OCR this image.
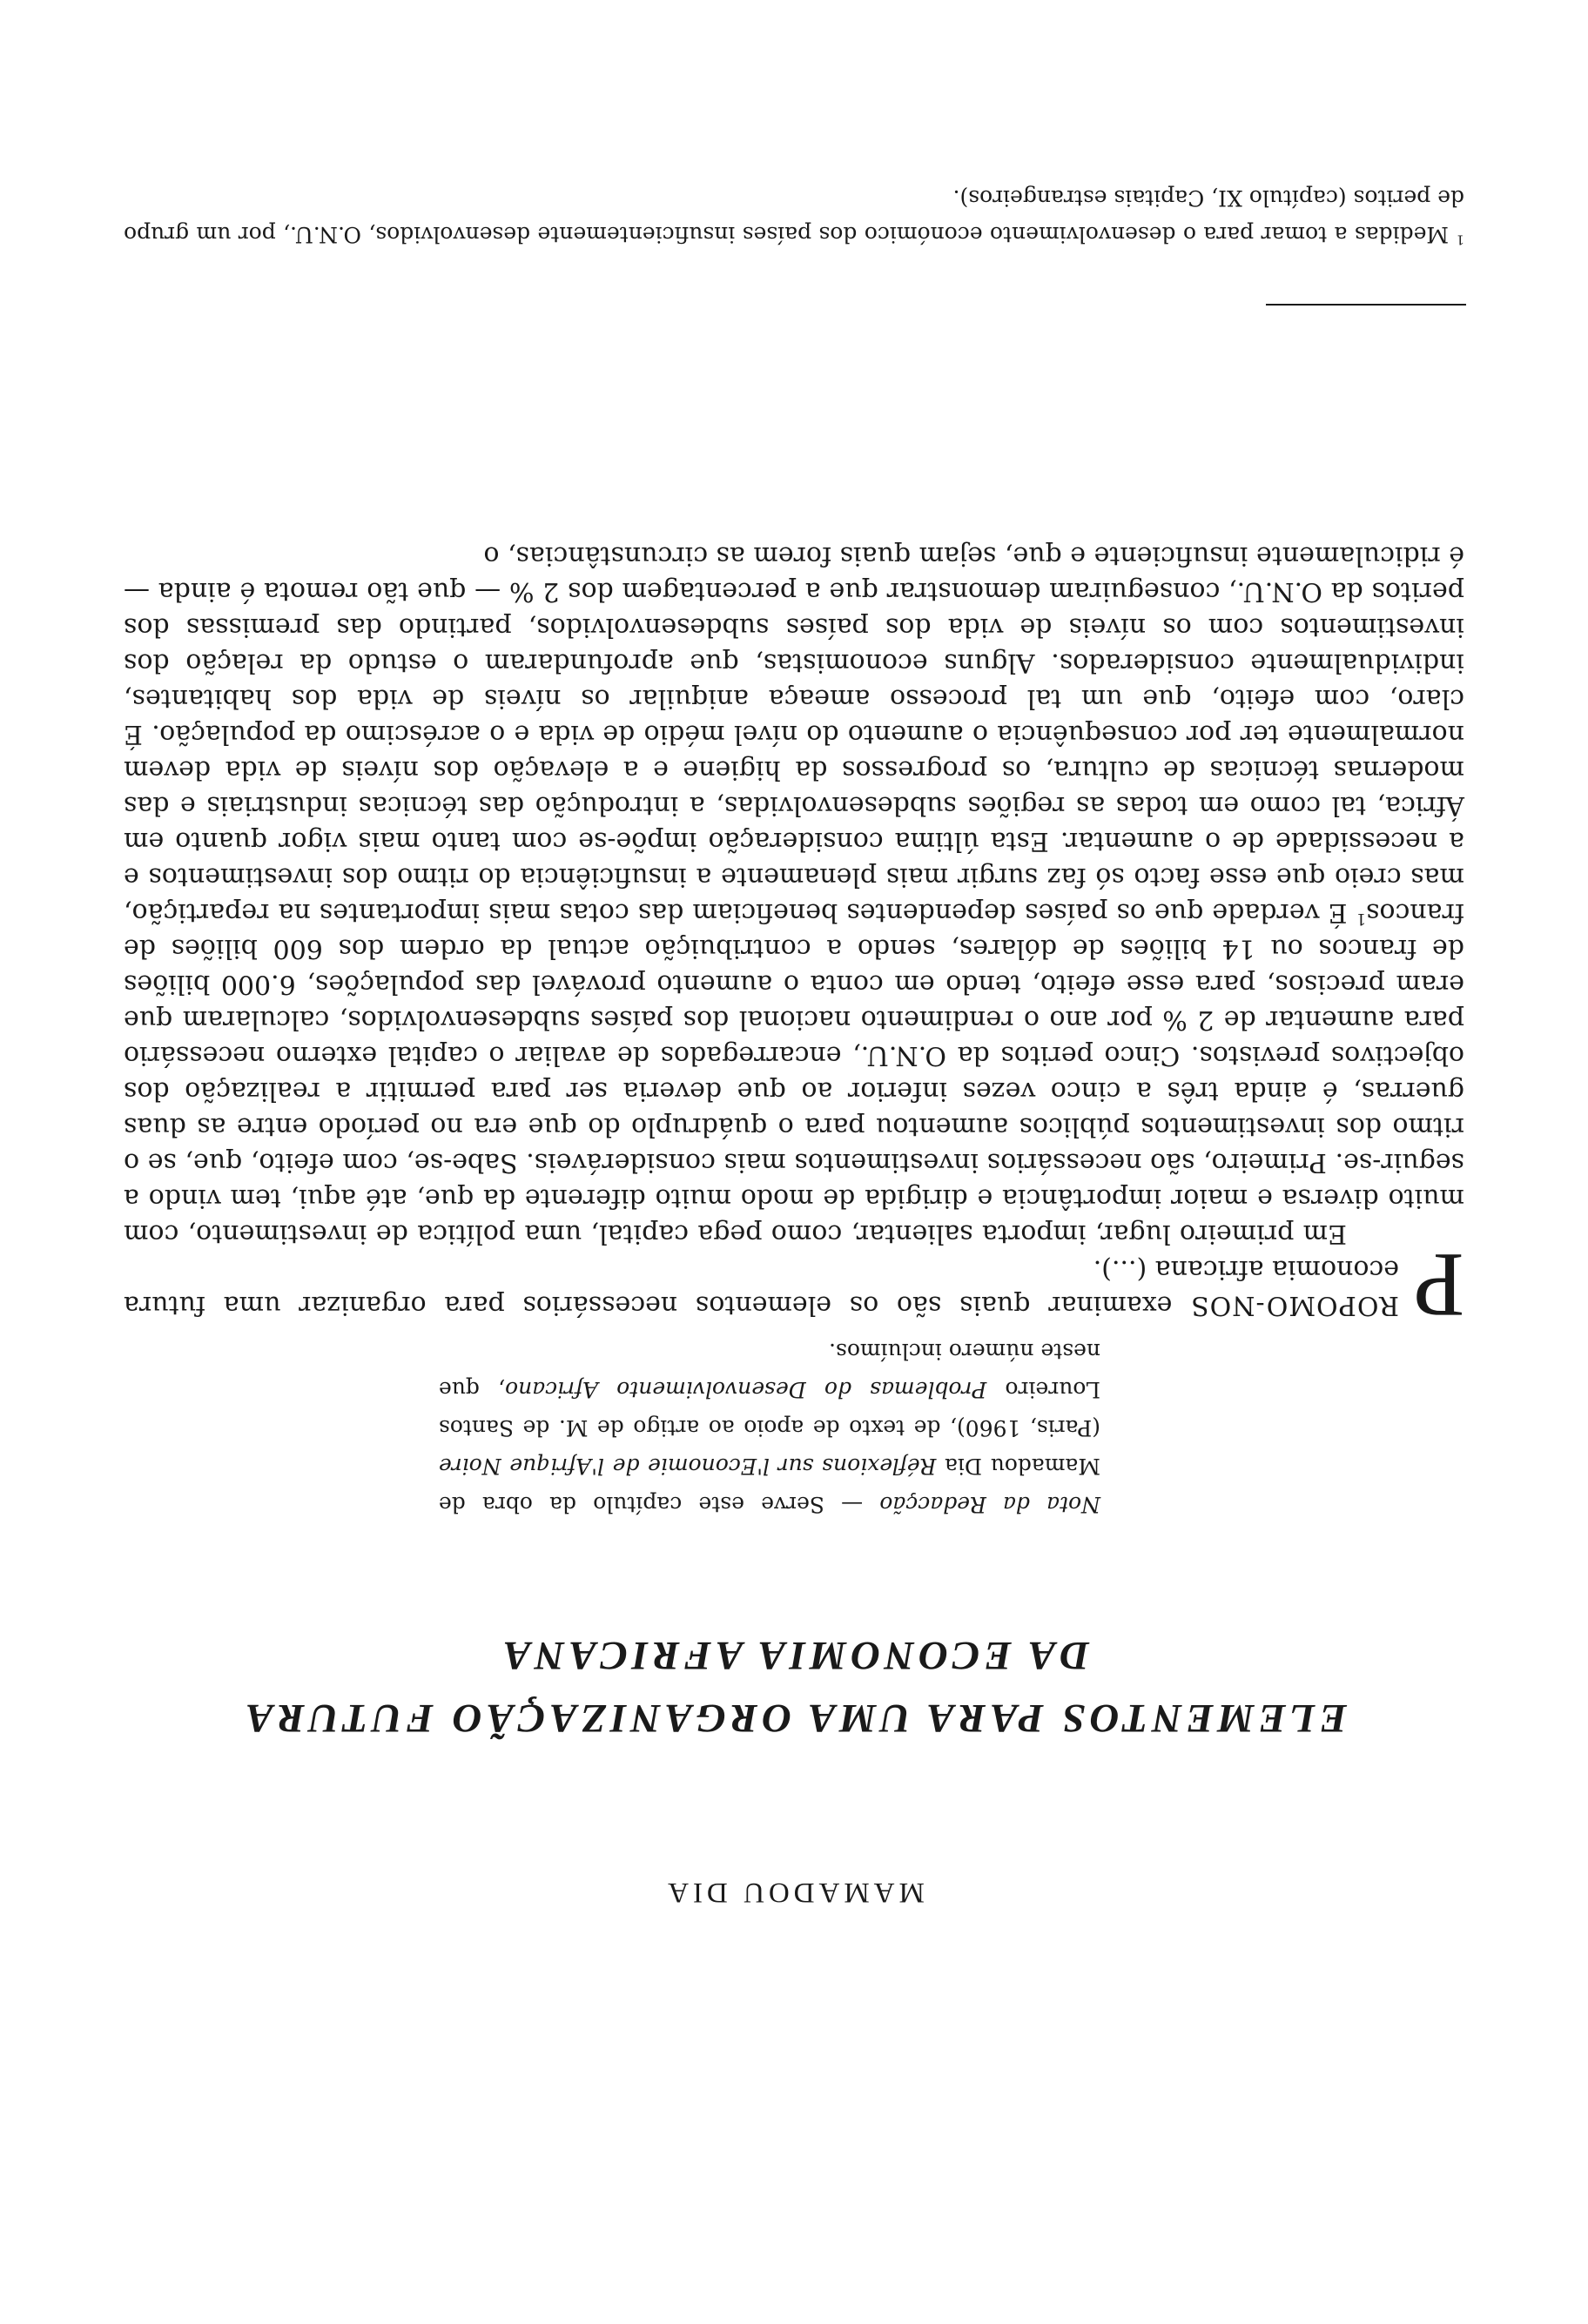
MAMADOU DIA
ELEMENTOS PARA UMA ORGANIZAÇÃO FUTURA
DA ECONOMIA AFRICANA
Nota da Redacção — Serve este capítulo da obra de Mamadou Dia Réflexions sur l'Economie de l'Afrique Noire (Paris, 1960), de texto de apoio ao artigo de M. de Santos Loureiro Problemas do Desenvolvimento Africano, que neste número incluímos.

P
ROPOMO-NOS examinar quais são os elementos necessários para organizar uma futura economia africana (...).

Em primeiro lugar, importa salientar, como pega capital, uma política de investimento, com muito diversa e maior importância e dirigida de modo muito diferente da que, até aqui, tem vindo a seguir-se. Primeiro, são necessários investimentos mais consideráveis. Sabe-se, com efeito, que, se o ritmo dos investimentos públicos aumentou para o quádruplo do que era no período entre as duas guerras, é ainda três a cinco vezes inferior ao que deveria ser para permitir a realização dos objectivos previstos. Cinco peritos da O.N.U., encarregados de avaliar o capital externo necessário para aumentar de 2 % por ano o rendimento nacional dos países subdesenvolvidos, calcularam que eram precisos, para esse efeito, tendo em conta o aumento provável das populações, 6.000 biliões de francos ou 14 biliões de dólares, sendo a contribuição actual da ordem dos 600 biliões de francos$^1$ É verdade que os países dependentes beneficiam das cotas mais importantes na repartição, mas creio que esse facto só faz surgir mais plenamente a insuficiência do ritmo dos investimentos e a necessidade de o aumentar. Esta última consideração impõe-se com tanto mais vigor quanto em África, tal como em todas as regiões subdesenvolvidas, a introdução das técnicas industriais e das modernas técnicas de cultura, os progressos da higiene e a elevação dos níveis de vida devem normalmente ter por consequência o aumento do nível médio de vida e o acréscimo da população. É claro, com efeito, que um tal processo ameaça aniquilar os níveis de vida dos habitantes, individualmente considerados. Alguns economistas, que aprofundaram o estudo da relação dos investimentos com os níveis de vida dos países subdesenvolvidos, partindo das premissas dos peritos da O.N.U., conseguiram demonstrar que a percentagem dos 2 % — que tão remota é ainda — é ridiculamente insuficiente e que, sejam quais forem as circunstâncias, o

$^1$ Medidas a tomar para o desenvolvimento económico dos países insuficientemente desenvolvidos, O.N.U., por um grupo de peritos (capítulo XI, Capitais estrangeiros).
